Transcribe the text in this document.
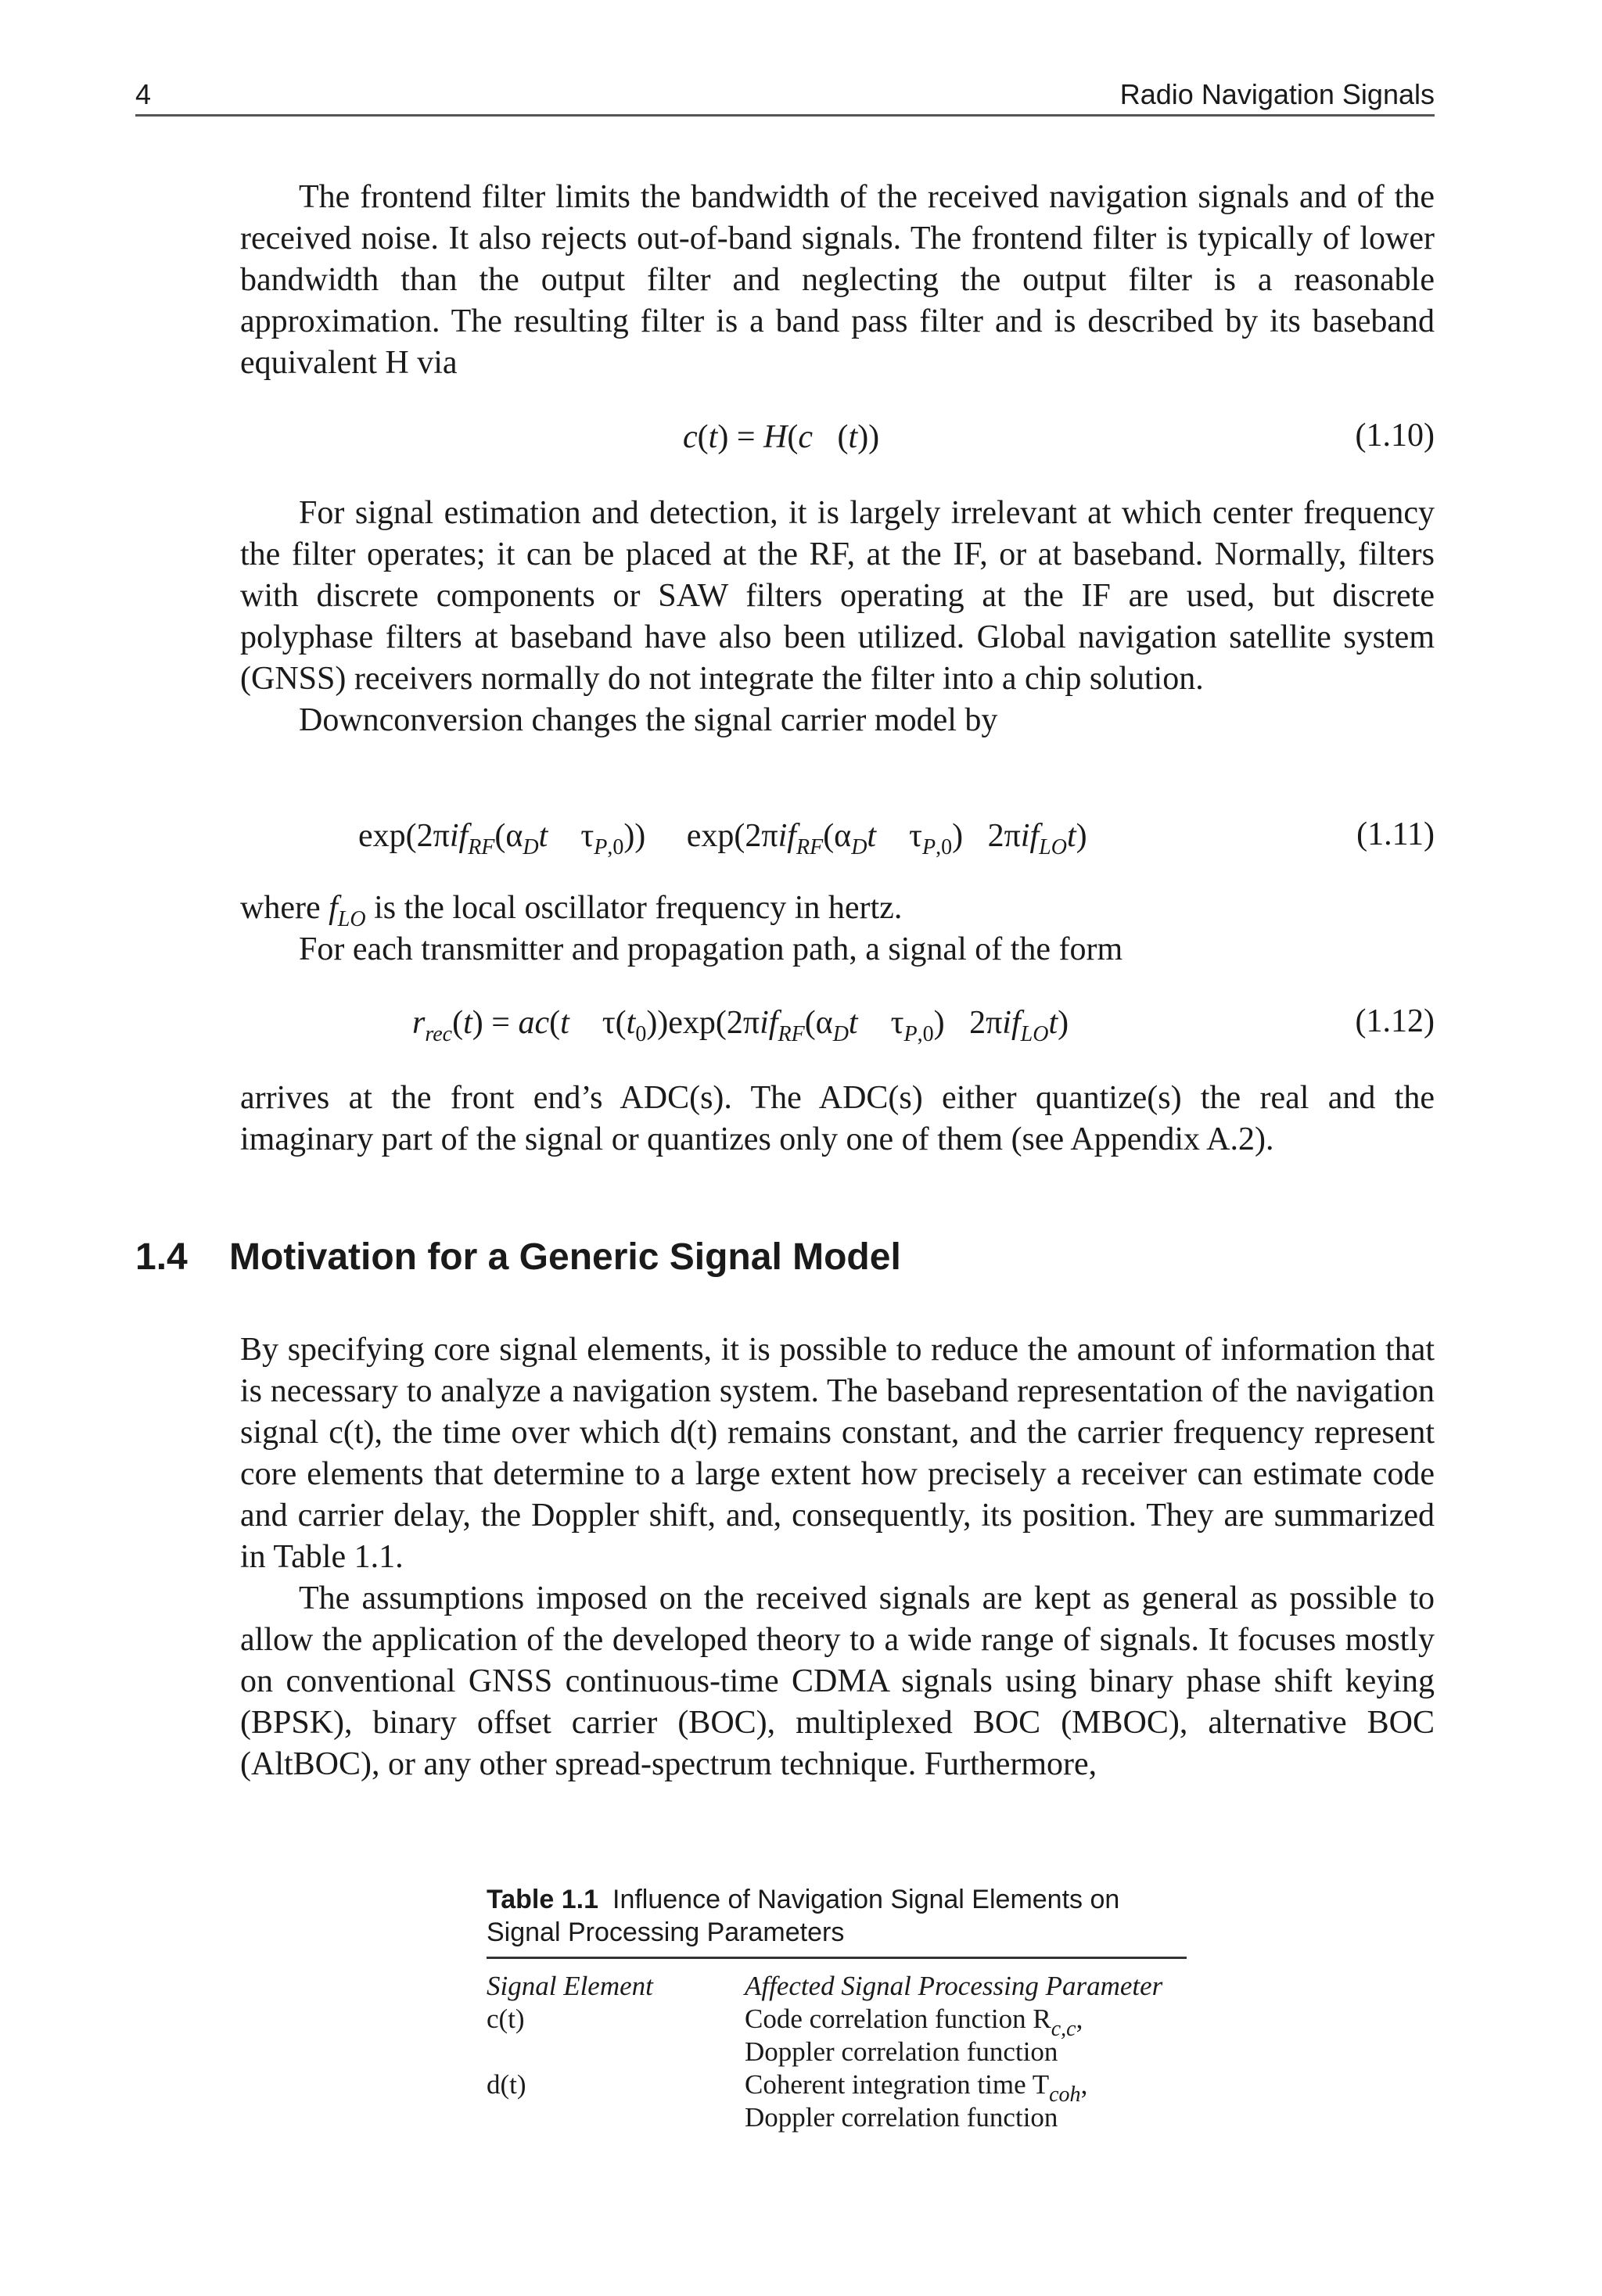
4	Radio Navigation Signals

The frontend filter limits the bandwidth of the received navigation signals and of the received noise. It also rejects out-of-band signals. The frontend filter is typically of lower bandwidth than the output filter and neglecting the output filter is a reasonable approximation. The resulting filter is a band pass filter and is described by its baseband equivalent H via

c(t) = H(c   (t))	(1.10)

For signal estimation and detection, it is largely irrelevant at which center frequency the filter operates; it can be placed at the RF, at the IF, or at baseband. Normally, filters with discrete components or SAW filters operating at the IF are used, but discrete polyphase filters at baseband have also been utilized. Global navigation satellite system (GNSS) receivers normally do not integrate the filter into a chip solution.

Downconversion changes the signal carrier model by

$\exp(2\pi if_{RF}(\alpha_Dt$    $\tau_{P,0}$))     $\exp(2\pi if_{RF}(\alpha_Dt$    $\tau_{P,0}$)   2πif$_{LO}$t)	(1.11)

where $f_{LO}$ is the local oscillator frequency in hertz.

For each transmitter and propagation path, a signal of the form

$r_{rec}(t) = ac(t$    $\tau(t_0))\exp(2\pi if_{RF}(\alpha_Dt$    $\tau_{P,0}$)   2πif$_{LO}$t)	(1.12)

arrives at the front end’s ADC(s). The ADC(s) either quantize(s) the real and the imaginary part of the signal or quantizes only one of them (see Appendix A.2).

1.4 Motivation for a Generic Signal Model

By specifying core signal elements, it is possible to reduce the amount of information that is necessary to analyze a navigation system. The baseband representation of the navigation signal c(t), the time over which d(t) remains constant, and the carrier frequency represent core elements that determine to a large extent how precisely a receiver can estimate code and carrier delay, the Doppler shift, and, consequently, its position. They are summarized in Table 1.1.

The assumptions imposed on the received signals are kept as general as possible to allow the application of the developed theory to a wide range of signals. It focuses mostly on conventional GNSS continuous-time CDMA signals using binary phase shift keying (BPSK), binary offset carrier (BOC), multiplexed BOC (MBOC), alternative BOC (AltBOC), or any other spread-spectrum technique. Furthermore,

Table 1.1 Influence of Navigation Signal Elements on Signal Processing Parameters
Signal Element	Affected Signal Processing Parameter
c(t)	Code correlation function $R_{c,c}$,
Doppler correlation function
d(t)	Coherent integration time $T_{coh}$,
Doppler correlation function
